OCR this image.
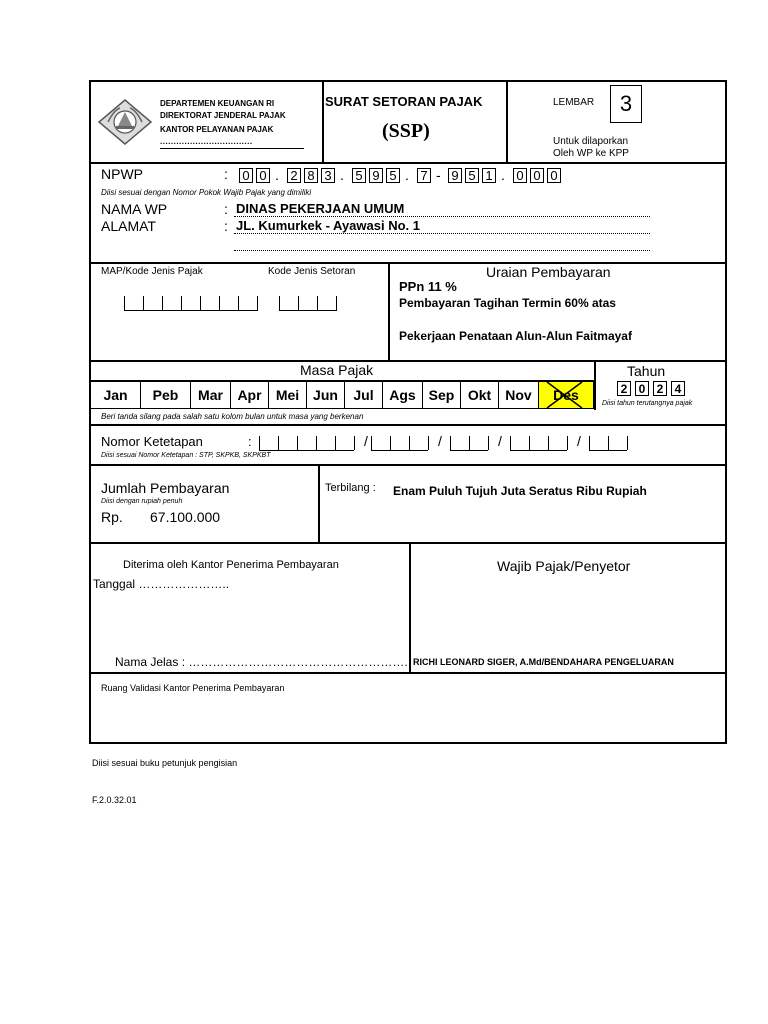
DEPARTEMEN KEUANGAN RI
DIREKTORAT JENDERAL PAJAK
KANTOR PELAYANAN PAJAK
..................................
SURAT SETORAN PAJAK
(SSP)
LEMBAR	3
Untuk dilaporkan
Oleh WP ke KPP
NPWP	: 0 0 . 2 8 3 . 5 9 5 . 7 - 9 5 1 . 0 0 0
Diisi sesuai dengan Nomor Pokok Wajib Pajak yang dimiliki
NAMA WP	: DINAS PEKERJAAN UMUM
ALAMAT	: JL. Kumurkek - Ayawasi No. 1
MAP/Kode Jenis Pajak	Kode Jenis Setoran	Uraian Pembayaran
PPn 11 %
Pembayaran Tagihan Termin 60% atas
Pekerjaan Penataan Alun-Alun Faitmayaf
Masa Pajak	Tahun
Jan	Peb	Mar	Apr	Mei Jun	Jul	Ags Sep Okt	Nov	Des	2 0 2 4
Diisi tahun terutangnya pajak
Beri tanda silang pada salah satu kolom bulan untuk masa yang berkenan
Nomor Ketetapan	:	/	/	/	/
Diisi sesuai Nomor Ketetapan : STP, SKPKB, SKPKBT
Jumlah Pembayaran
Diisi dengan rupiah penuh
Rp. 67.100.000
Terbilang : Enam Puluh Tujuh Juta Seratus Ribu Rupiah
Diterima oleh Kantor Penerima Pembayaran
Tanggal …………………..
Nama Jelas : ……………………………………………….
Wajib Pajak/Penyetor
RICHI LEONARD SIGER, A.Md/BENDAHARA PENGELUARAN
Ruang Validasi Kantor Penerima Pembayaran
Diisi sesuai buku petunjuk pengisian
F.2.0.32.01
